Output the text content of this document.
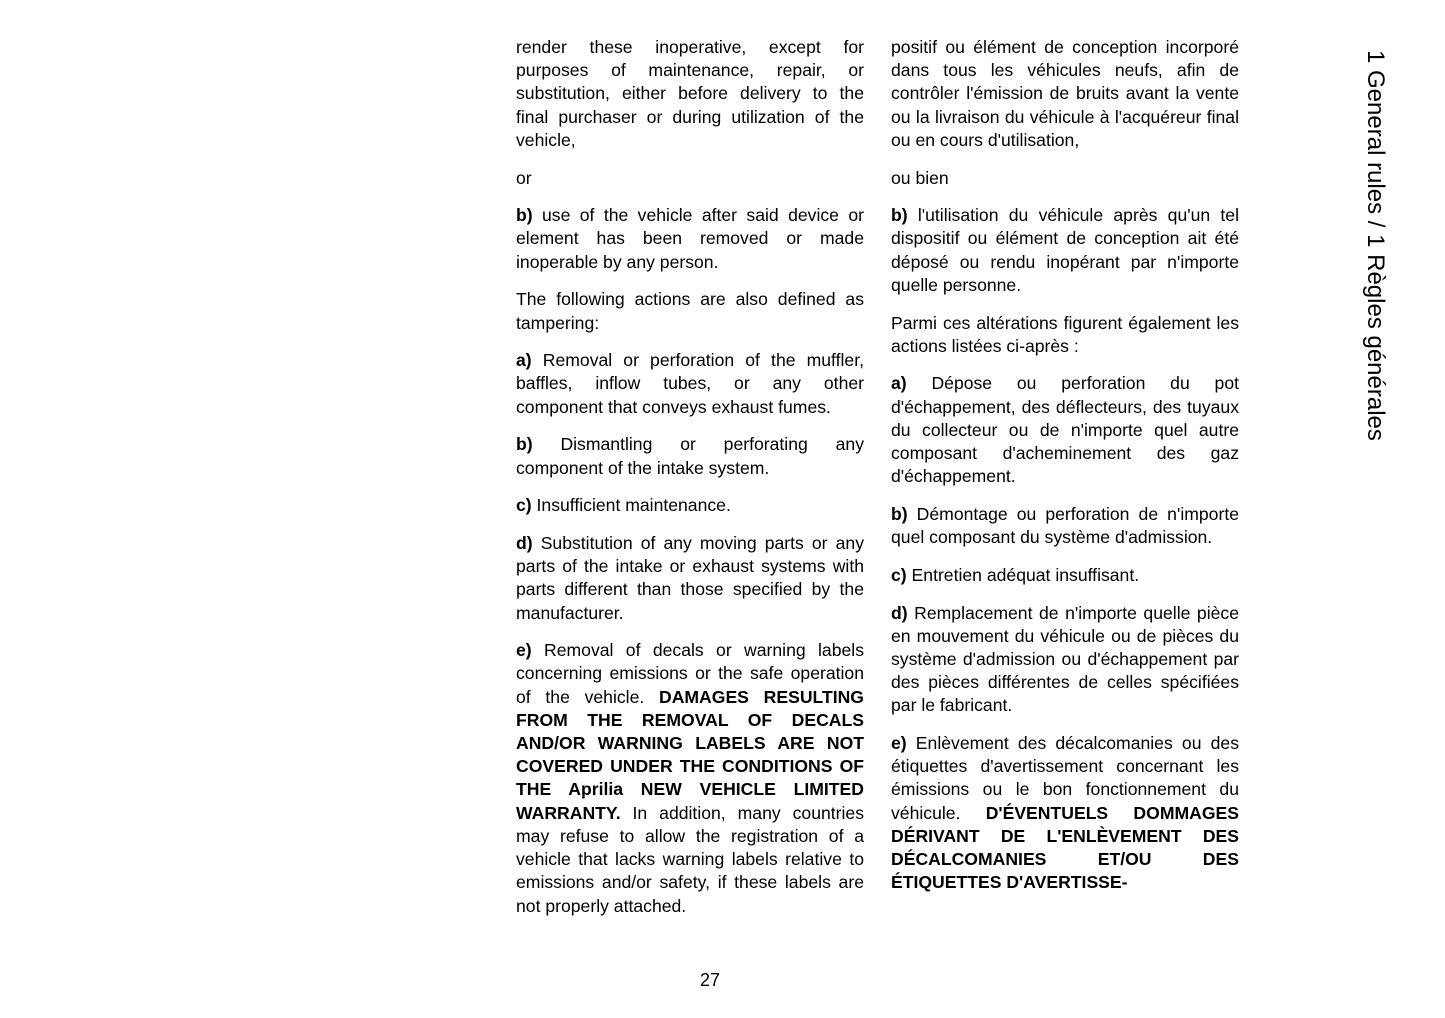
render these inoperative, except for purposes of maintenance, repair, or substitution, either before delivery to the final purchaser or during utilization of the vehicle,

or

b) use of the vehicle after said device or element has been removed or made inoperable by any person.

The following actions are also defined as tampering:

a) Removal or perforation of the muffler, baffles, inflow tubes, or any other component that conveys exhaust fumes.

b) Dismantling or perforating any component of the intake system.

c) Insufficient maintenance.

d) Substitution of any moving parts or any parts of the intake or exhaust systems with parts different than those specified by the manufacturer.

e) Removal of decals or warning labels concerning emissions or the safe operation of the vehicle. DAMAGES RESULTING FROM THE REMOVAL OF DECALS AND/OR WARNING LABELS ARE NOT COVERED UNDER THE CONDITIONS OF THE Aprilia NEW VEHICLE LIMITED WARRANTY. In addition, many countries may refuse to allow the registration of a vehicle that lacks warning labels relative to emissions and/or safety, if these labels are not properly attached.

positif ou élément de conception incorporé dans tous les véhicules neufs, afin de contrôler l'émission de bruits avant la vente ou la livraison du véhicule à l'acquéreur final ou en cours d'utilisation,

ou bien

b) l'utilisation du véhicule après qu'un tel dispositif ou élément de conception ait été déposé ou rendu inopérant par n'importe quelle personne.

Parmi ces altérations figurent également les actions listées ci-après :

a) Dépose ou perforation du pot d'échappement, des déflecteurs, des tuyaux du collecteur ou de n'importe quel autre composant d'acheminement des gaz d'échappement.

b) Démontage ou perforation de n'importe quel composant du système d'admission.

c) Entretien adéquat insuffisant.

d) Remplacement de n'importe quelle pièce en mouvement du véhicule ou de pièces du système d'admission ou d'échappement par des pièces différentes de celles spécifiées par le fabricant.

e) Enlèvement des décalcomanies ou des étiquettes d'avertissement concernant les émissions ou le bon fonctionnement du véhicule. D'ÉVENTUELS DOMMAGES DÉRIVANT DE L'ENLÈVEMENT DES DÉCALCOMANIES ET/OU DES ÉTIQUETTES D'AVERTISSE-

27
1 General rules / 1 Règles générales
